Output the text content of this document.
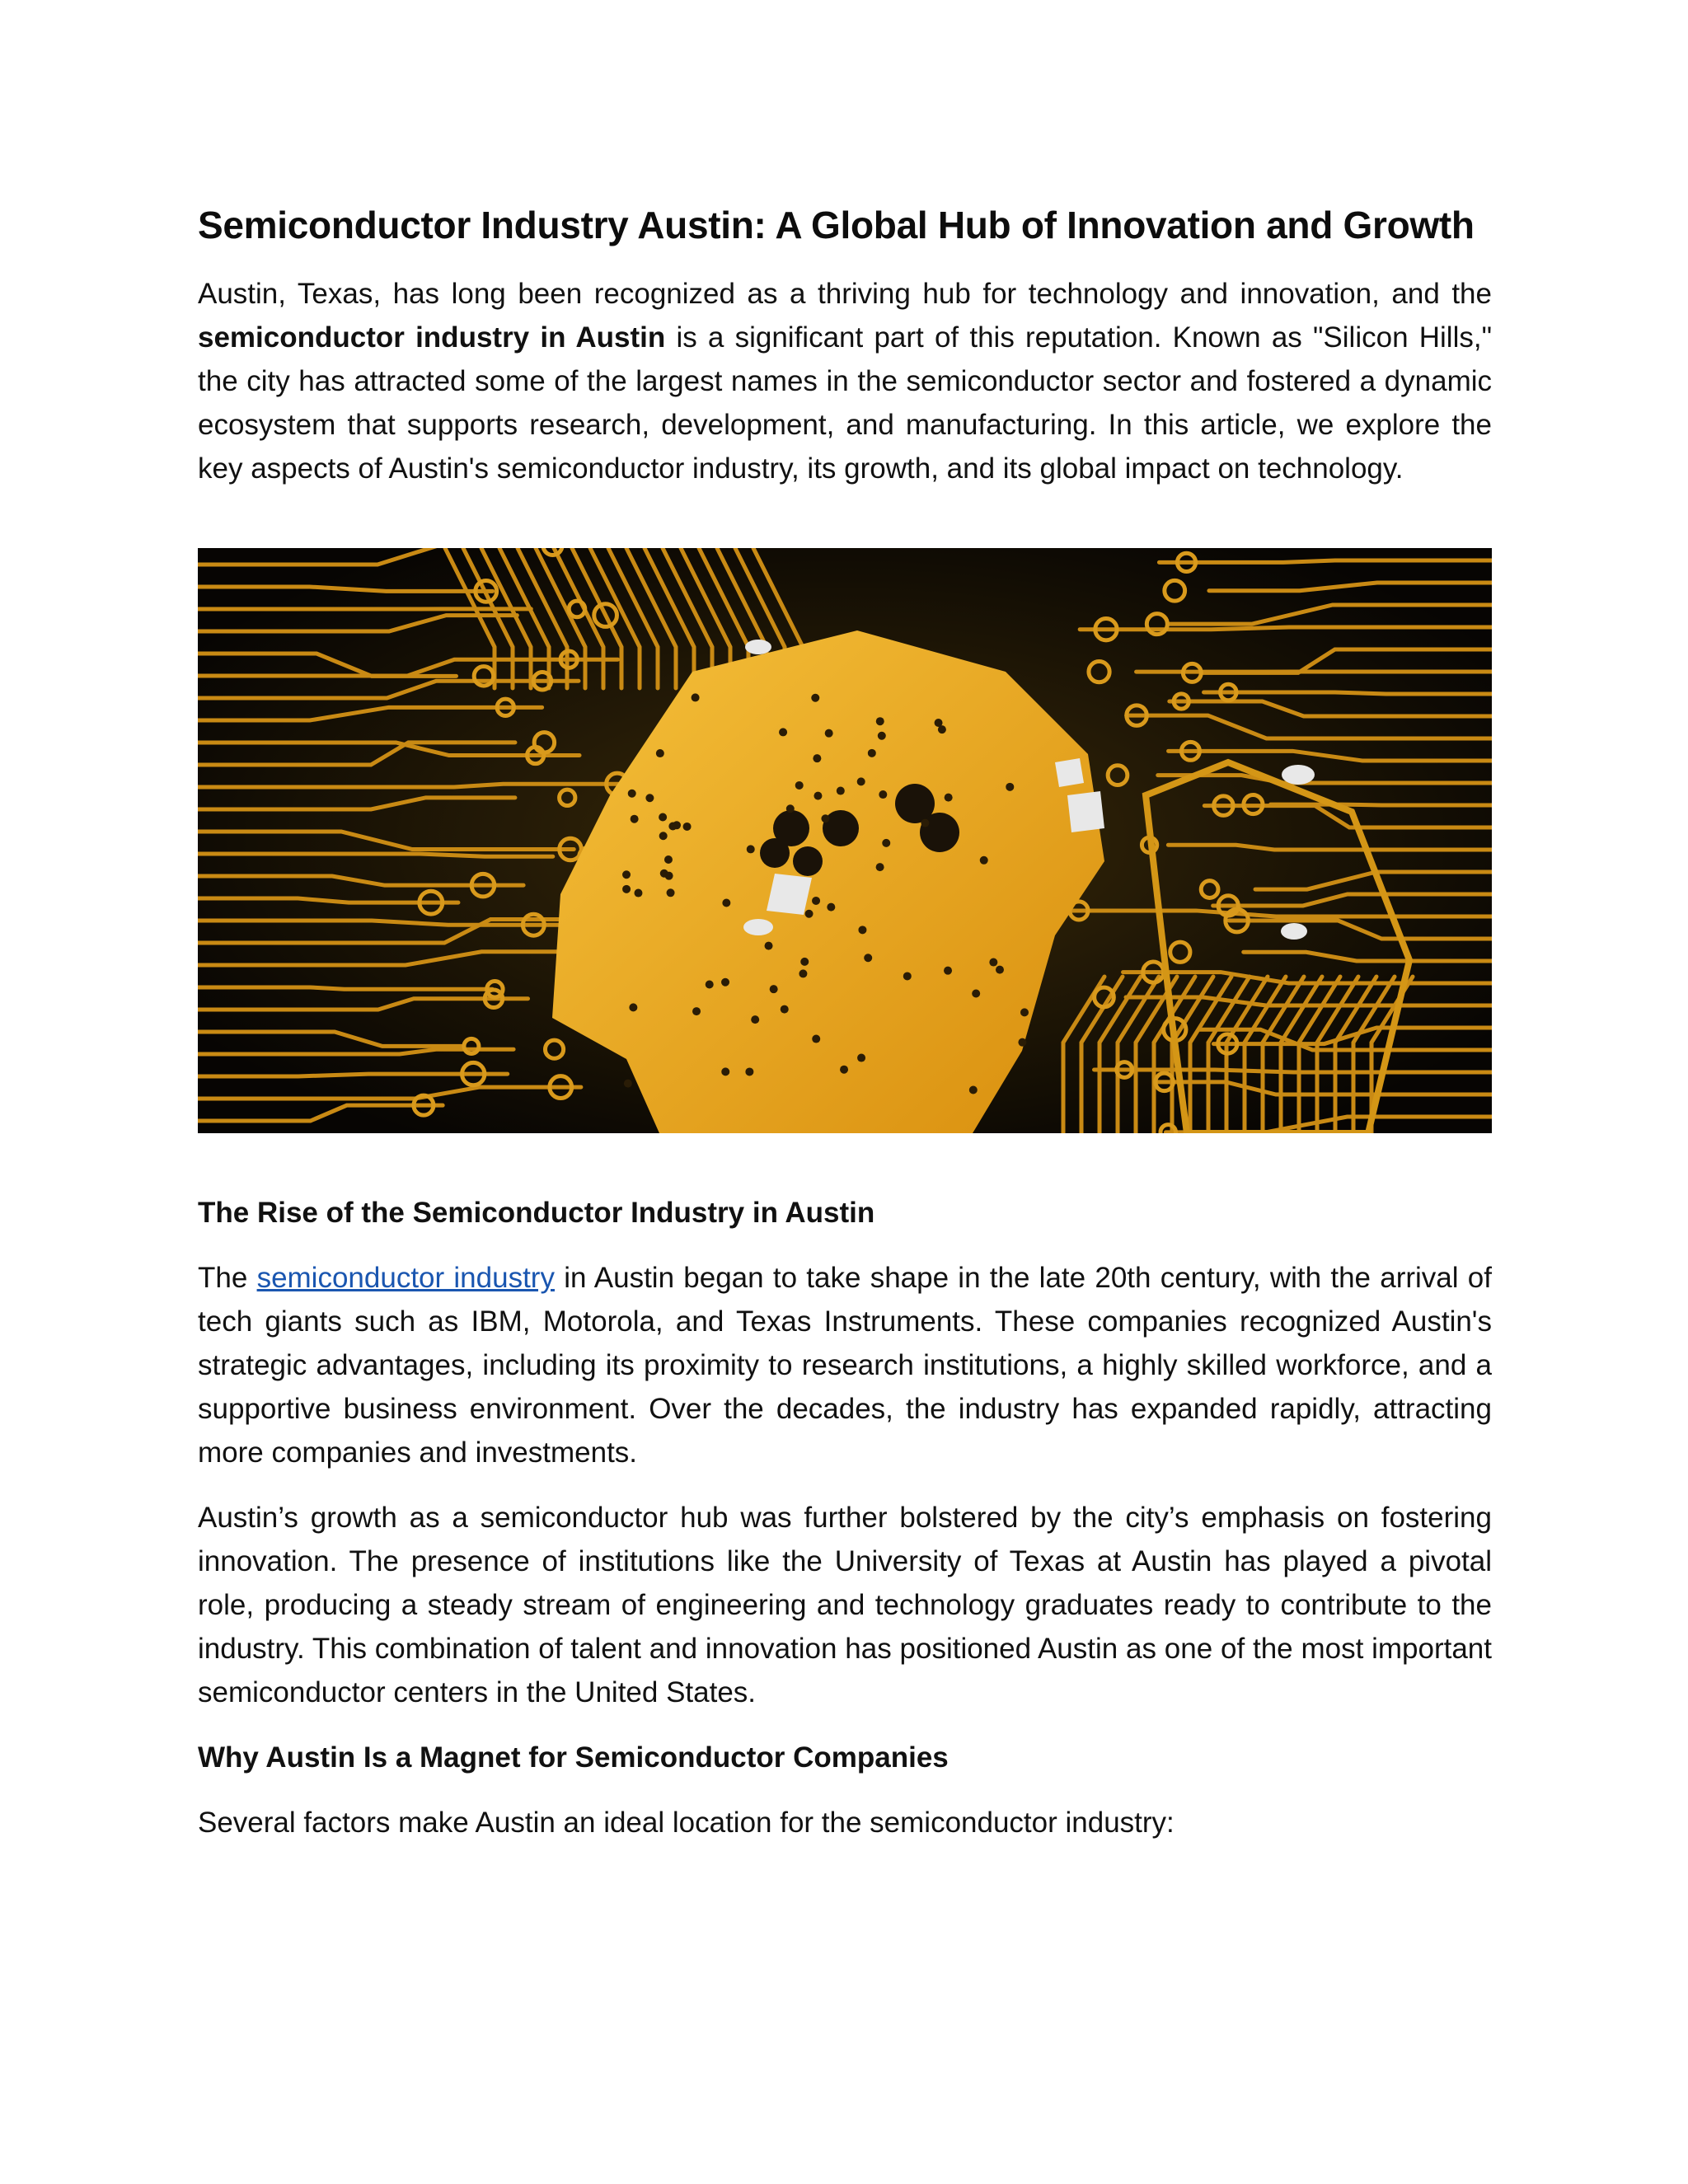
Semiconductor Industry Austin: A Global Hub of Innovation and Growth

Austin, Texas, has long been recognized as a thriving hub for technology and innovation, and the semiconductor industry in Austin is a significant part of this reputation. Known as "Silicon Hills," the city has attracted some of the largest names in the semiconductor sector and fostered a dynamic ecosystem that supports research, development, and manufacturing. In this article, we explore the key aspects of Austin's semiconductor industry, its growth, and its global impact on technology.

The Rise of the Semiconductor Industry in Austin

The semiconductor industry in Austin began to take shape in the late 20th century, with the arrival of tech giants such as IBM, Motorola, and Texas Instruments. These companies recognized Austin's strategic advantages, including its proximity to research institutions, a highly skilled workforce, and a supportive business environment. Over the decades, the industry has expanded rapidly, attracting more companies and investments.

Austin’s growth as a semiconductor hub was further bolstered by the city’s emphasis on fostering innovation. The presence of institutions like the University of Texas at Austin has played a pivotal role, producing a steady stream of engineering and technology graduates ready to contribute to the industry. This combination of talent and innovation has positioned Austin as one of the most important semiconductor centers in the United States.

Why Austin Is a Magnet for Semiconductor Companies

Several factors make Austin an ideal location for the semiconductor industry:
